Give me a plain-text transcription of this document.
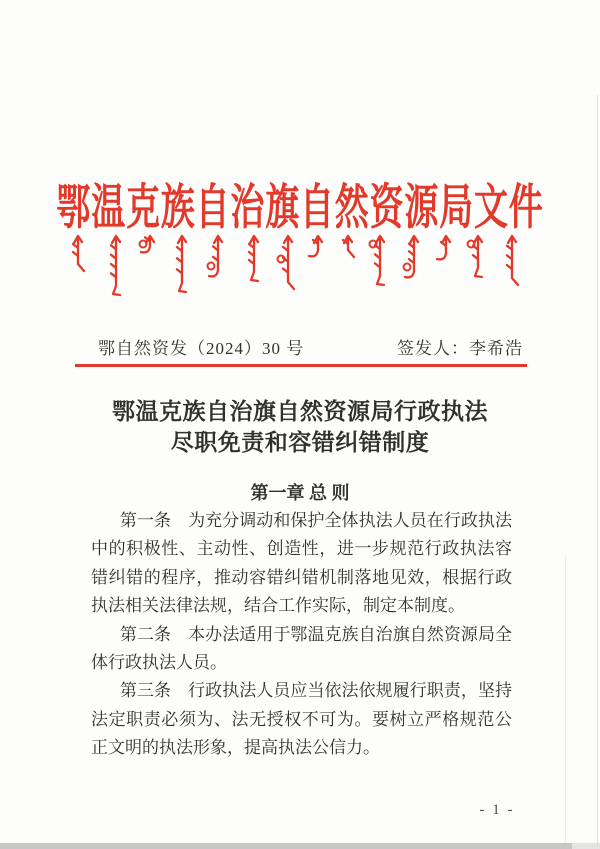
鄂温克族自治旗自然资源局文件
鄂自然资发（2024）30 号	签发人：李希浩
鄂温克族自治旗自然资源局行政执法
尽职免责和容错纠错制度
第一章 总 则

第一条　为充分调动和保护全体执法人员在行政执法中的积极性、主动性、创造性，进一步规范行政执法容错纠错的程序，推动容错纠错机制落地见效，根据行政执法相关法律法规，结合工作实际，制定本制度。

第二条　本办法适用于鄂温克族自治旗自然资源局全体行政执法人员。

第三条　行政执法人员应当依法依规履行职责，坚持法定职责必须为、法无授权不可为。要树立严格规范公正文明的执法形象，提高执法公信力。

- 1 -
